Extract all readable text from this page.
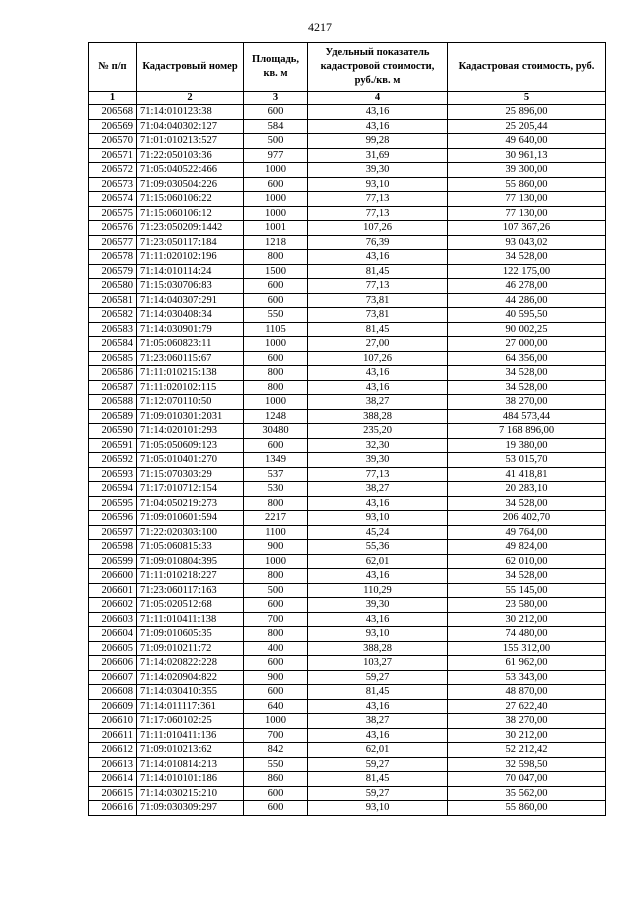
4217
№ п/п	Кадастровый номер	Площадь, кв. м	Удельный показатель кадастровой стоимости, руб./кв. м	Кадастровая стоимость, руб.
1	2	3	4	5
206568	71:14:010123:38	600	43,16	25 896,00
206569	71:04:040302:127	584	43,16	25 205,44
206570	71:01:010213:527	500	99,28	49 640,00
206571	71:22:050103:36	977	31,69	30 961,13
206572	71:05:040522:466	1000	39,30	39 300,00
206573	71:09:030504:226	600	93,10	55 860,00
206574	71:15:060106:22	1000	77,13	77 130,00
206575	71:15:060106:12	1000	77,13	77 130,00
206576	71:23:050209:1442	1001	107,26	107 367,26
206577	71:23:050117:184	1218	76,39	93 043,02
206578	71:11:020102:196	800	43,16	34 528,00
206579	71:14:010114:24	1500	81,45	122 175,00
206580	71:15:030706:83	600	77,13	46 278,00
206581	71:14:040307:291	600	73,81	44 286,00
206582	71:14:030408:34	550	73,81	40 595,50
206583	71:14:030901:79	1105	81,45	90 002,25
206584	71:05:060823:11	1000	27,00	27 000,00
206585	71:23:060115:67	600	107,26	64 356,00
206586	71:11:010215:138	800	43,16	34 528,00
206587	71:11:020102:115	800	43,16	34 528,00
206588	71:12:070110:50	1000	38,27	38 270,00
206589	71:09:010301:2031	1248	388,28	484 573,44
206590	71:14:020101:293	30480	235,20	7 168 896,00
206591	71:05:050609:123	600	32,30	19 380,00
206592	71:05:010401:270	1349	39,30	53 015,70
206593	71:15:070303:29	537	77,13	41 418,81
206594	71:17:010712:154	530	38,27	20 283,10
206595	71:04:050219:273	800	43,16	34 528,00
206596	71:09:010601:594	2217	93,10	206 402,70
206597	71:22:020303:100	1100	45,24	49 764,00
206598	71:05:060815:33	900	55,36	49 824,00
206599	71:09:010804:395	1000	62,01	62 010,00
206600	71:11:010218:227	800	43,16	34 528,00
206601	71:23:060117:163	500	110,29	55 145,00
206602	71:05:020512:68	600	39,30	23 580,00
206603	71:11:010411:138	700	43,16	30 212,00
206604	71:09:010605:35	800	93,10	74 480,00
206605	71:09:010211:72	400	388,28	155 312,00
206606	71:14:020822:228	600	103,27	61 962,00
206607	71:14:020904:822	900	59,27	53 343,00
206608	71:14:030410:355	600	81,45	48 870,00
206609	71:14:011117:361	640	43,16	27 622,40
206610	71:17:060102:25	1000	38,27	38 270,00
206611	71:11:010411:136	700	43,16	30 212,00
206612	71:09:010213:62	842	62,01	52 212,42
206613	71:14:010814:213	550	59,27	32 598,50
206614	71:14:010101:186	860	81,45	70 047,00
206615	71:14:030215:210	600	59,27	35 562,00
206616	71:09:030309:297	600	93,10	55 860,00
